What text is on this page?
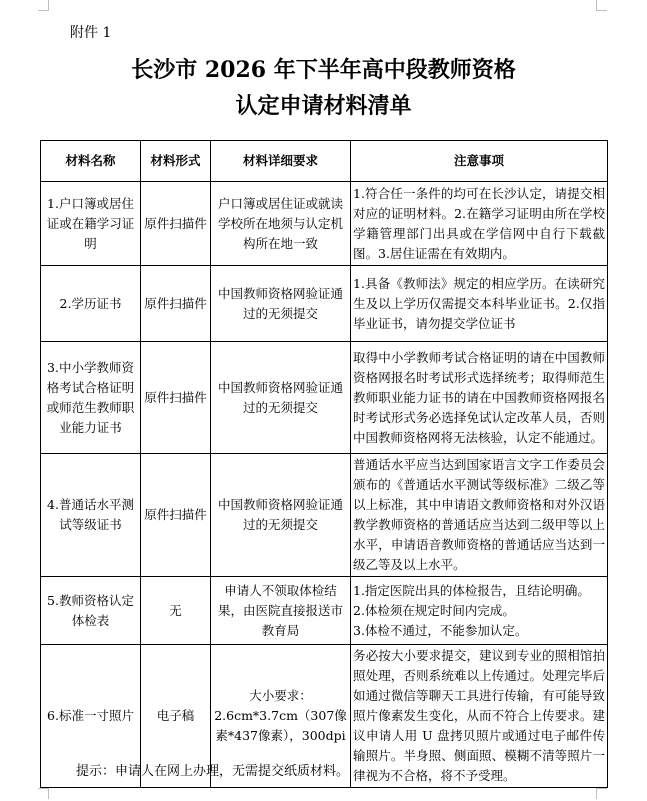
附件 1
长沙市 2026 年下半年高中段教师资格
认定申请材料清单
材料名称	材料形式	材料详细要求	注意事项
1.户口簿或居住证或在籍学习证明	原件扫描件	户口簿或居住证或就读学校所在地须与认定机构所在地一致	1.符合任一条件的均可在长沙认定，请提交相对应的证明材料。2.在籍学习证明由所在学校学籍管理部门出具或在学信网中自行下载截图。3.居住证需在有效期内。
2.学历证书	原件扫描件	中国教师资格网验证通过的无须提交	1.具备《教师法》规定的相应学历。在读研究生及以上学历仅需提交本科毕业证书。2.仅指毕业证书，请勿提交学位证书
3.中小学教师资格考试合格证明或师范生教师职业能力证书	原件扫描件	中国教师资格网验证通过的无须提交	取得中小学教师考试合格证明的请在中国教师资格网报名时考试形式选择统考；取得师范生教师职业能力证书的请在中国教师资格网报名时考试形式务必选择免试认定改革人员，否则中国教师资格网将无法核验，认定不能通过。
4.普通话水平测试等级证书	原件扫描件	中国教师资格网验证通过的无须提交	普通话水平应当达到国家语言文字工作委员会颁布的《普通话水平测试等级标准》二级乙等以上标准，其中申请语文教师资格和对外汉语教学教师资格的普通话应当达到二级甲等以上水平，申请语音教师资格的普通话应当达到一级乙等及以上水平。
5.教师资格认定体检表	无	申请人不领取体检结果，由医院直接报送市教育局	1.指定医院出具的体检报告，且结论明确。
2.体检须在规定时间内完成。
3.体检不通过，不能参加认定。

6.标准一寸照片	电子稿	大小要求：2.6cm*3.7cm（307像素*437像素），300dpi	务必按大小要求提交，建议到专业的照相馆拍照处理，否则系统难以上传通过。处理完毕后如通过微信等聊天工具进行传输，有可能导致照片像素发生变化，从而不符合上传要求。建议申请人用 U 盘拷贝照片或通过电子邮件传输照片。半身照、侧面照、模糊不清等照片一律视为不合格，将不予受理。
提示：申请人在网上办理，无需提交纸质材料。
